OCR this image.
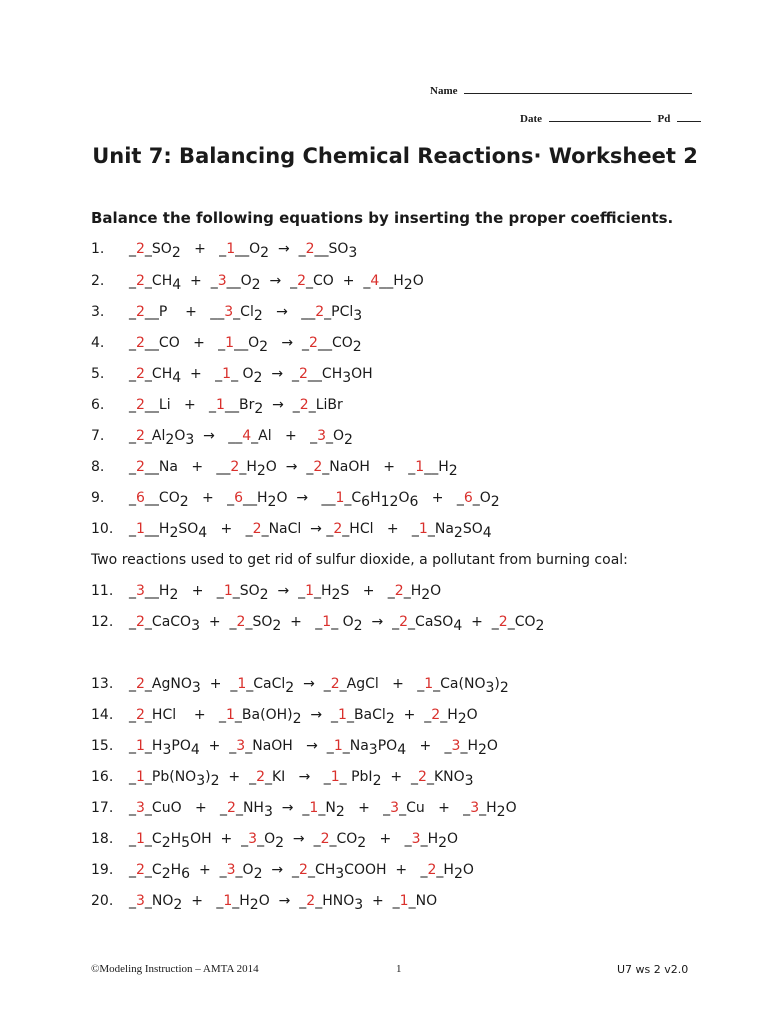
Name
Date	Pd
Unit 7: Balancing Chemical Reactions· Worksheet 2

Balance the following equations by inserting the proper coefficients.

Two reactions used to get rid of sulfur dioxide, a pollutant from burning coal:

1. _2_SO2   +   _1__O2  →  _2__SO3
2. _2_CH4  +  _3__O2  →  _2_CO  +  _4__H2O
3. _2__P    +   __3_Cl2   →   __2_PCl3
4. _2__CO   +   _1__O2   →  _2__CO2
5. _2_CH4  +   _1_ O2  →  _2__CH3OH
6. _2__Li   +   _1__Br2  →  _2_LiBr
7. _2_Al2O3  →   __4_Al   +   _3_O2
8. _2__Na   +   __2_H2O  →  _2_NaOH   +   _1__H2
9. _6__CO2   +   _6__H2O  →   __1_C6H12O6   +   _6_O2
10. _1__H2SO4   +   _2_NaCl  → _2_HCl   +   _1_Na2SO4
11. _3__H2   +   _1_SO2  →  _1_H2S   +   _2_H2O
12. _2_CaCO3  +  _2_SO2  +   _1_ O2  →  _2_CaSO4  +  _2_CO2
13. _2_AgNO3  +  _1_CaCl2  →  _2_AgCl   +   _1_Ca(NO3)2
14. _2_HCl    +   _1_Ba(OH)2  →  _1_BaCl2  +  _2_H2O
15. _1_H3PO4  +  _3_NaOH   →  _1_Na3PO4   +   _3_H2O
16. _1_Pb(NO3)2  +  _2_KI   →   _1_ PbI2  +  _2_KNO3
17. _3_CuO   +   _2_NH3  →  _1_N2   +   _3_Cu   +   _3_H2O
18. _1_C2H5OH  +  _3_O2  →  _2_CO2   +   _3_H2O
19. _2_C2H6  +  _3_O2  →  _2_CH3COOH  +   _2_H2O
20. _3_NO2  +   _1_H2O  →  _2_HNO3  +  _1_NO
©Modeling Instruction – AMTA 2014	1	U7 ws 2 v2.0
